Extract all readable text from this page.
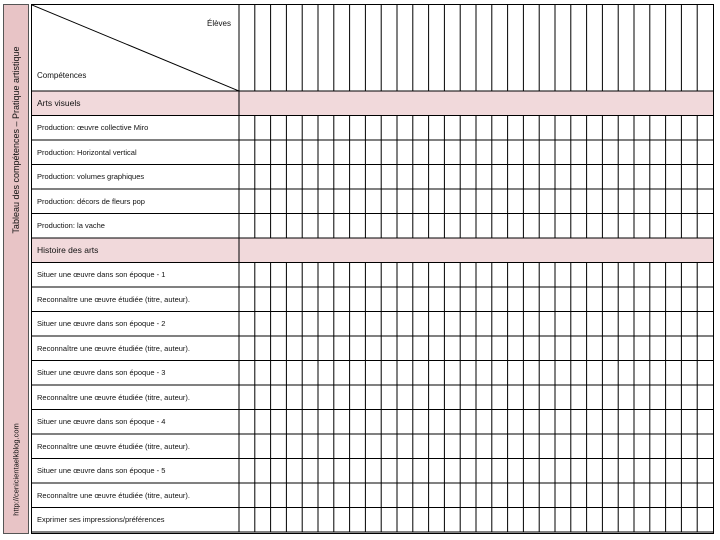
Tableau des compétences – Pratique artistique
http://cenicientaelkblog.com
Élèves
Compétences
Arts visuels
Production: œuvre collective Miro
Production: Horizontal vertical
Production: volumes graphiques
Production: décors de fleurs pop
Production: la vache
Histoire des arts
Situer une œuvre dans son époque - 1
Reconnaître une œuvre étudiée (titre, auteur).
Situer une œuvre dans son époque - 2
Reconnaître une œuvre étudiée (titre, auteur).
Situer une œuvre dans son époque - 3
Reconnaître une œuvre étudiée (titre, auteur).
Situer une œuvre dans son époque - 4
Reconnaître une œuvre étudiée (titre, auteur).
Situer une œuvre dans son époque - 5
Reconnaître une œuvre étudiée (titre, auteur).
Exprimer ses impressions/préférences
